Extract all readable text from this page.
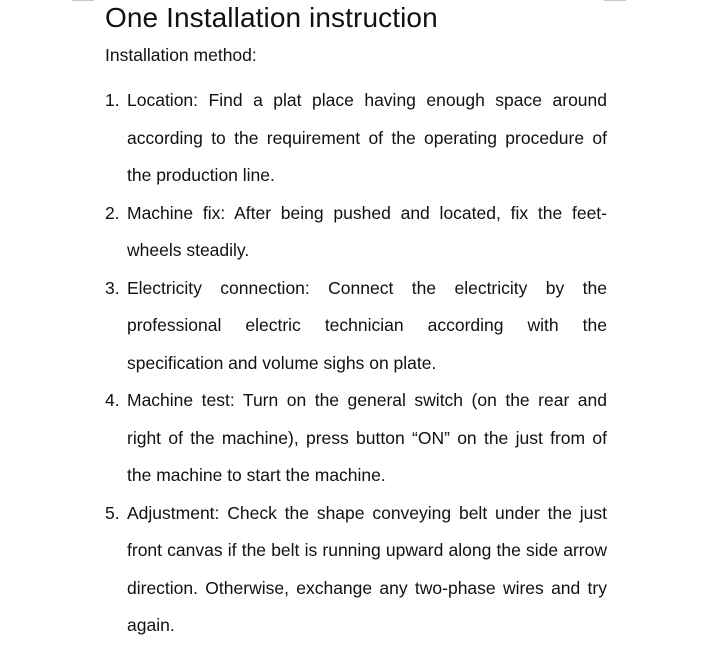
One Installation instruction
Installation method:
1. Location: Find a plat place having enough space around according to the requirement of the operating procedure of the production line.
2. Machine fix: After being pushed and located, fix the feet-wheels steadily.
3. Electricity connection: Connect the electricity by the professional electric technician according with the specification and volume sighs on plate.
4. Machine test: Turn on the general switch (on the rear and right of the machine), press button “ON” on the just from of the machine to start the machine.
5. Adjustment: Check the shape conveying belt under the just front canvas if the belt is running upward along the side arrow direction. Otherwise, exchange any two-phase wires and try again.
